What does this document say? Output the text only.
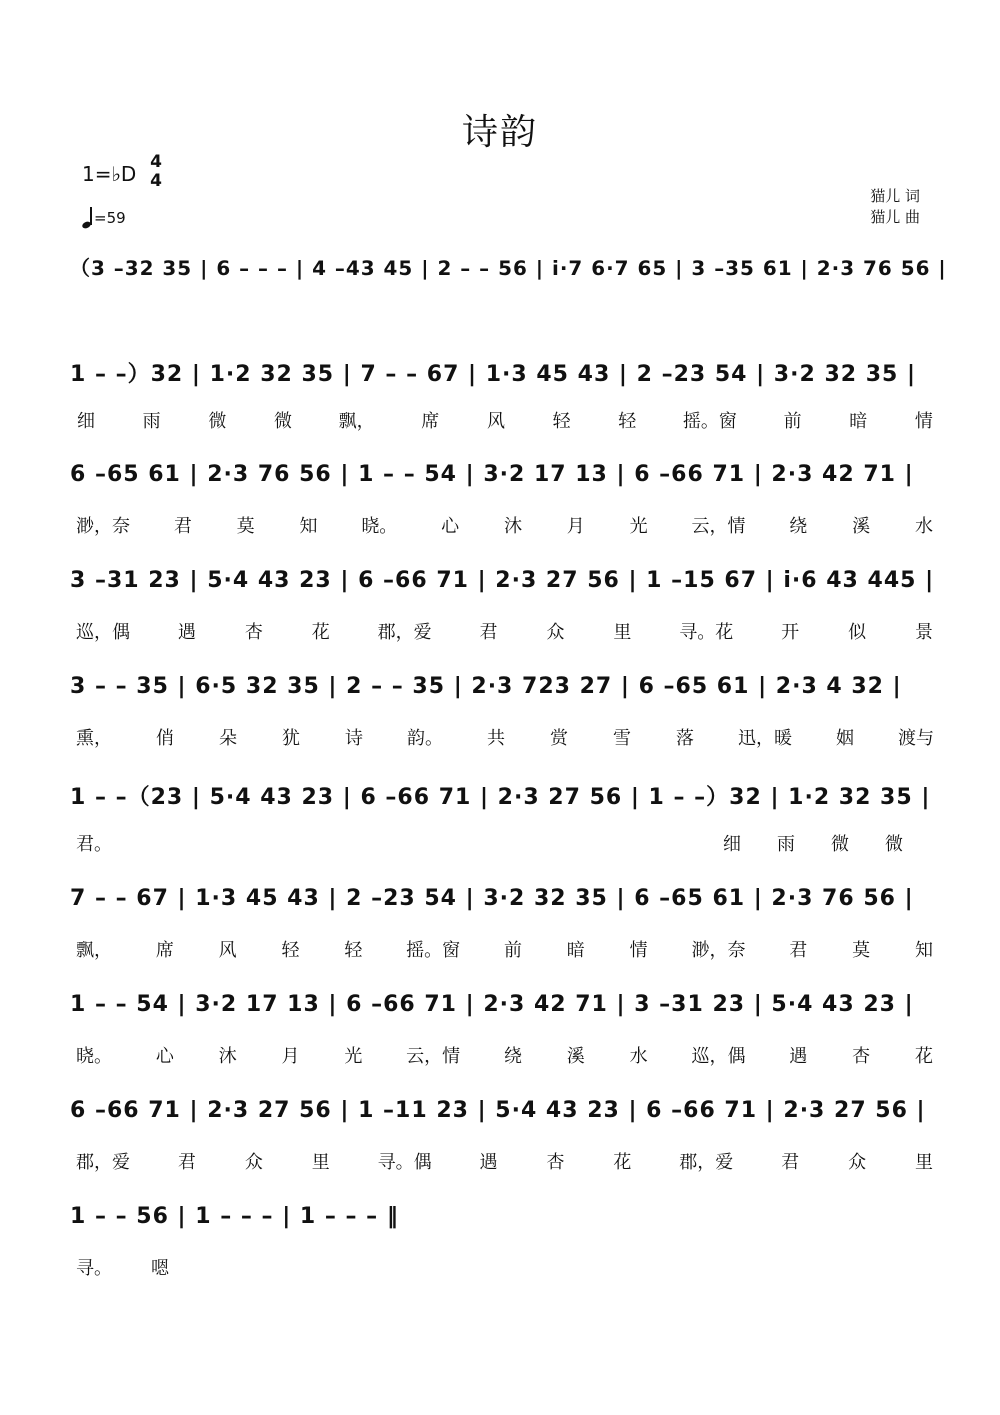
诗韵
1=♭D 4
4
=59
猫儿 词
猫儿 曲
（3 –32 35 | 6 – – – | 4 –43 45 | 2 – – 56 | i·7 6·7 65 | 3 –35 61 | 2·3 76 56 |
1 – –）32 | 1·2 32 35 | 7 – – 67 | 1·3 45 43 | 2 –23 54 | 3·2 32 35 |
细	雨	微	微	飘，	席	风	轻	轻	摇。窗	前	暗	情
6 –65 61 | 2·3 76 56 | 1 – – 54 | 3·2 17 13 | 6 –66 71 | 2·3 42 71 |
渺，奈 君 莫 知 晓。 心 沐 月 光 云，情 绕 溪 水
3 –31 23 | 5·4 43 23 | 6 –66 71 | 2·3 27 56 | 1 –15 67 | i·6 43 445 |
巡，偶	遇	杏	花	郡，爱	君	众	里	寻。花	开	似	景
3 – – 35 | 6·5 32 35 | 2 – – 35 | 2·3 723 27 | 6 –65 61 | 2·3 4 32 |
熏， 俏	朵	犹	诗 韵。 共	赏	雪	落 迅，暖 姻 渡与
1 – –（23 | 5·4 43 23 | 6 –66 71 | 2·3 27 56 | 1 – –）32 | 1·2 32 35 |
君。	细 雨 微 微
7 – – 67 | 1·3 45 43 | 2 –23 54 | 3·2 32 35 | 6 –65 61 | 2·3 76 56 |
飘， 席 风 轻 轻 摇。窗 前 暗 情 渺，奈 君 莫 知
1 – – 54 | 3·2 17 13 | 6 –66 71 | 2·3 42 71 | 3 –31 23 | 5·4 43 23 |
晓。 心 沐 月 光 云，情 绕 溪 水 巡，偶 遇 杏 花
6 –66 71 | 2·3 27 56 | 1 –11 23 | 5·4 43 23 | 6 –66 71 | 2·3 27 56 |
郡，爱	君	众	里	寻。偶	遇	杏	花	郡，爱	君	众	里
1 – – 56 | 1 – – – | 1 – – – ‖
寻。 嗯
